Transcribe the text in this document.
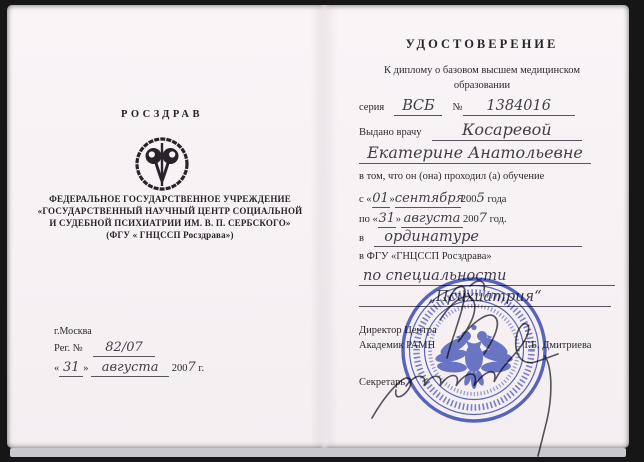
РОСЗДРАВ
ФЕДЕРАЛЬНОЕ ГОСУДАРСТВЕННОЕ УЧРЕЖДЕНИЕ
«ГОСУДАРСТВЕННЫЙ НАУЧНЫЙ ЦЕНТР СОЦИАЛЬНОЙ
И СУДЕБНОЙ ПСИХИАТРИИ ИМ. В. П. СЕРБСКОГО»
(ФГУ « ГНЦССП Росздрава»)
г.Москва
Рег. № 82/07
« 31 » августа 2007 г.
УДОСТОВЕРЕНИЕ
К диплому о базовом высшем медицинском
образовании
серия ВСБ № 1384016
Выдано врачу	Косаревой
Екатерине Анатольевне
в том, что он (она) проходил (а) обучение
с «01»сентября2005 года
по «31» августа 2007 год.
в ординатуре
в ФГУ «ГНЦССП Росздрава»
по специальности
„Психиатрия“
Директор Центра
Академик РАМН	Т.Б. Дмитриева
Секретарь
